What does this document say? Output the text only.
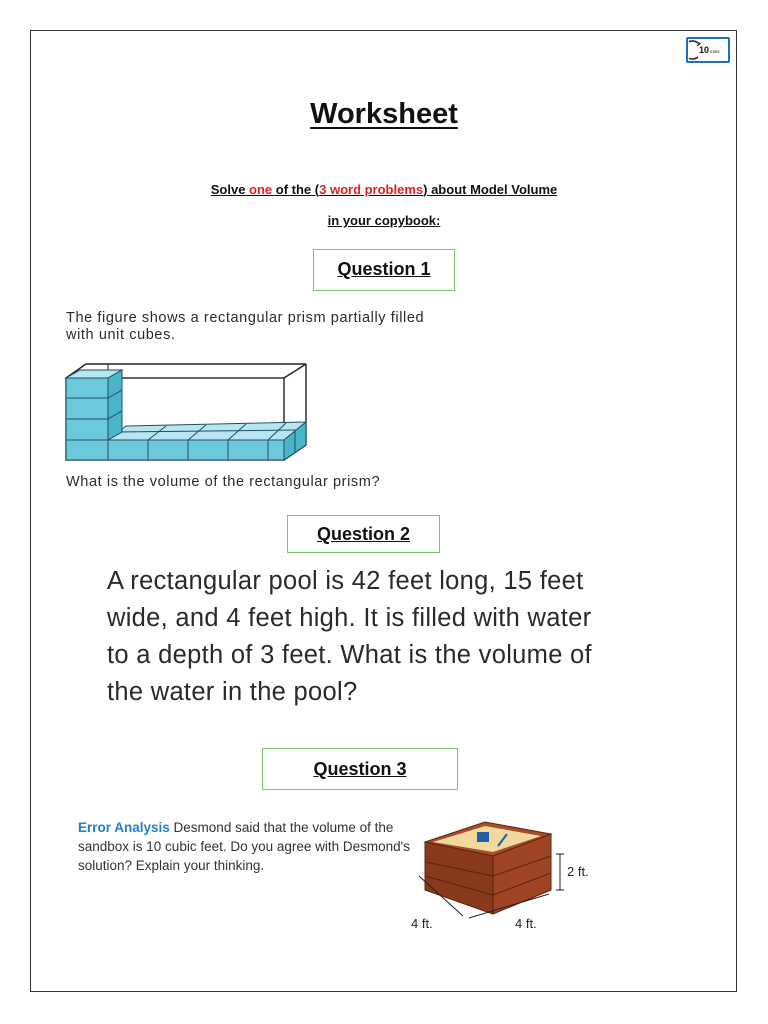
10 mins
Worksheet
Solve one of the (3 word problems) about Model Volume
in your copybook:
Question 1
The figure shows a rectangular prism partially filled with unit cubes.
What is the volume of the rectangular prism?
Question 2
A rectangular pool is 42 feet long, 15 feet wide, and 4 feet high. It is filled with water to a depth of 3 feet. What is the volume of the water in the pool?
Question 3
Error Analysis Desmond said that the volume of the sandbox is 10 cubic feet. Do you agree with Desmond's solution? Explain your thinking.	2 ft.
4 ft.	4 ft.
